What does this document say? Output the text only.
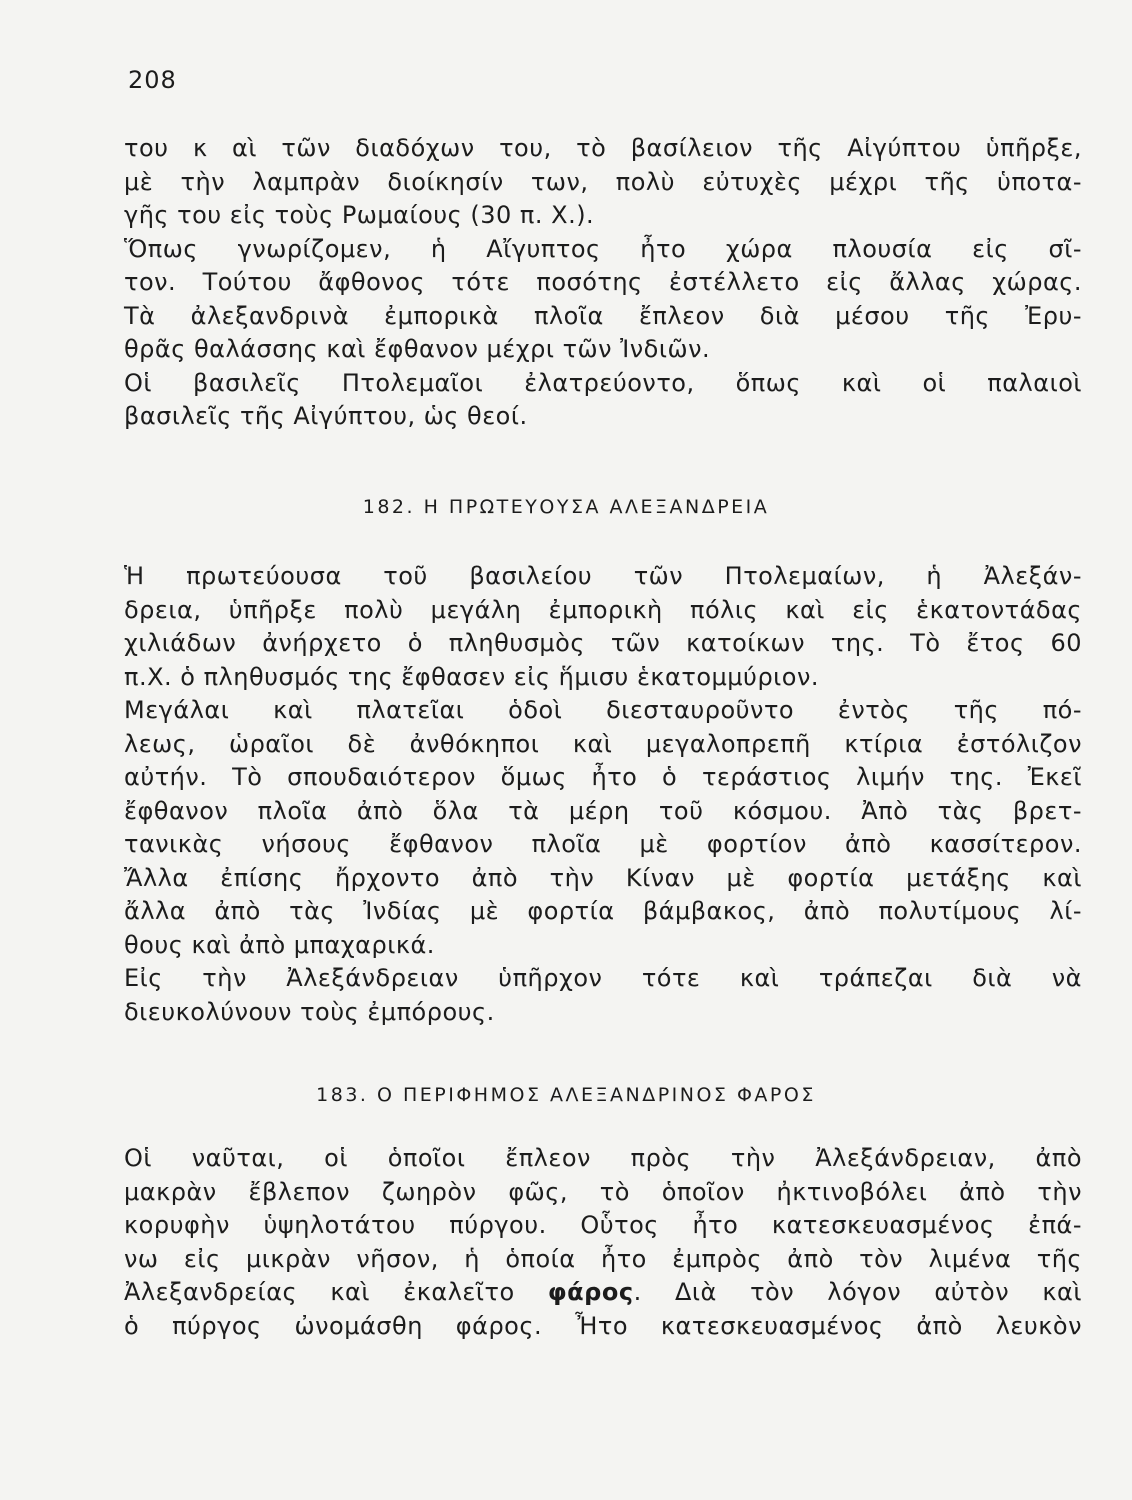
208
του κ αὶ τῶν διαδόχων του, τὸ βασίλειον τῆς Αἰγύπτου ὑπῆρξε,
μὲ τὴν λαμπρὰν διοίκησίν των, πολὺ εὐτυχὲς μέχρι τῆς ὑποτα-
γῆς του εἰς τοὺς Ρωμαίους (30 π. Χ.).
Ὅπως γνωρίζομεν, ἡ Αἴγυπτος ἦτο χώρα πλουσία εἰς σῖ-
τον. Τούτου ἄφθονος τότε ποσότης ἐστέλλετο εἰς ἄλλας χώρας.
Τὰ ἀλεξανδρινὰ ἐμπορικὰ πλοῖα ἔπλεον διὰ μέσου τῆς Ἐρυ-
θρᾶς θαλάσσης καὶ ἔφθανον μέχρι τῶν Ἰνδιῶν.
Οἱ βασιλεῖς Πτολεμαῖοι ἐλατρεύοντο, ὅπως καὶ οἱ παλαιοὶ
βασιλεῖς τῆς Αἰγύπτου, ὡς θεοί.
182. Η ΠΡΩΤΕΥΟΥΣΑ ΑΛΕΞΑΝΔΡΕΙΑ
Ἡ πρωτεύουσα τοῦ βασιλείου τῶν Πτολεμαίων, ἡ Ἀλεξάν-
δρεια, ὑπῆρξε πολὺ μεγάλη ἐμπορικὴ πόλις καὶ εἰς ἑκατοντάδας
χιλιάδων ἀνήρχετο ὁ πληθυσμὸς τῶν κατοίκων της. Τὸ ἔτος 60
π.Χ. ὁ πληθυσμός της ἔφθασεν εἰς ἥμισυ ἑκατομμύριον.
Μεγάλαι καὶ πλατεῖαι ὁδοὶ διεσταυροῦντο ἐντὸς τῆς πό-
λεως, ὡραῖοι δὲ ἀνθόκηποι καὶ μεγαλοπρεπῆ κτίρια ἐστόλιζον
αὐτήν. Τὸ σπουδαιότερον ὅμως ἦτο ὁ τεράστιος λιμήν της. Ἐκεῖ
ἔφθανον πλοῖα ἀπὸ ὅλα τὰ μέρη τοῦ κόσμου. Ἀπὸ τὰς βρετ-
τανικὰς νήσους ἔφθανον πλοῖα μὲ φορτίον ἀπὸ κασσίτερον.
Ἄλλα ἐπίσης ἤρχοντο ἀπὸ τὴν Κίναν μὲ φορτία μετάξης καὶ
ἄλλα ἀπὸ τὰς Ἰνδίας μὲ φορτία βάμβακος, ἀπὸ πολυτίμους λί-
θους καὶ ἀπὸ μπαχαρικά.
Εἰς τὴν Ἀλεξάνδρειαν ὑπῆρχον τότε καὶ τράπεζαι διὰ νὰ
διευκολύνουν τοὺς ἐμπόρους.
183. Ο ΠΕΡΙΦΗΜΟΣ ΑΛΕΞΑΝΔΡΙΝΟΣ ΦΑΡΟΣ
Οἱ ναῦται, οἱ ὁποῖοι ἔπλεον πρὸς τὴν Ἀλεξάνδρειαν, ἀπὸ
μακρὰν ἔβλεπον ζωηρὸν φῶς, τὸ ὁποῖον ἠκτινοβόλει ἀπὸ τὴν
κορυφὴν ὑψηλοτάτου πύργου. Οὗτος ἦτο κατεσκευασμένος ἐπά-
νω εἰς μικρὰν νῆσον, ἡ ὁποία ἦτο ἐμπρὸς ἀπὸ τὸν λιμένα τῆς
Ἀλεξανδρείας καὶ ἐκαλεῖτο φάρος. Διὰ τὸν λόγον αὐτὸν καὶ
ὁ πύργος ὠνομάσθη φάρος. Ἦτο κατεσκευασμένος ἀπὸ λευκὸν
